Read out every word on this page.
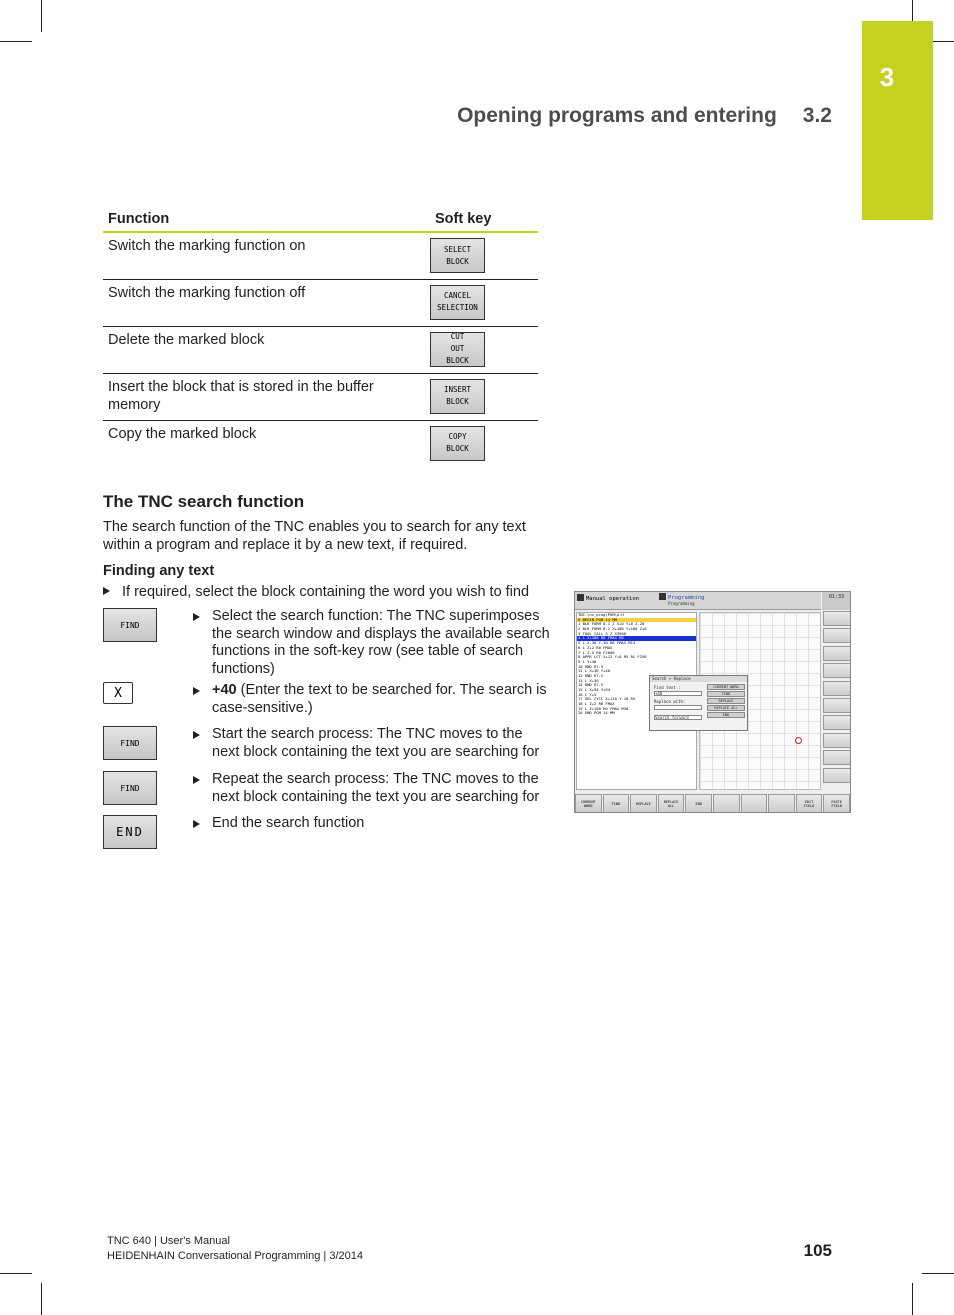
3
Opening programs and entering 3.2
Function	Soft key
Switch the marking function on	SELECT
BLOCK

Switch the marking function off	CANCEL
SELECTION

Delete the marked block	CUT
OUT
BLOCK

Insert the block that is stored in the buffer memory	INSERT
BLOCK

Copy the marked block	COPY
BLOCK
The TNC search function
The search function of the TNC enables you to search for any text within a program and replace it by a new text, if required.
Finding any text
If required, select the block containing the word you wish to find
FIND
Select the search function: The TNC superimposes the search window and displays the available search functions in the soft-key row (see table of search functions)
X	+40 (Enter the text to be searched for. The search is case-sensitive.)
FIND
Start the search process: The TNC moves to the next block containing the text you are searching for
FIND
Repeat the search process: The TNC moves to the next block containing the text you are searching for
END
End the search function
Manual operation	Programming
Programming
01:33
TNC:\nc_prog\PGM\A.H
0 BEGIN PGM 14 MM
1 BLK FORM 0.1 Z X+0 Y+0 Z-20
2 BLK FORM 0.2 X+100 Y+100 Z+0
3 TOOL CALL 5 Z S3500
4 L Z+100 R0 FMAX M3
5 L X-30 Y-30 R0 FMAX M13
6 L Z+2 R0 FMAX
7 L Z-5 R0 F2000
8 APPR LCT X+12 Y+0 R5 RL F250
9 L Y+40
10 RND R7.5
11 L X+30 Y+40
12 RND R7.5
13 L X+30
14 RND R7.5
15 L X+94 Y+94
16 L Y+5
17 SEL CYCL X+110 Y-10 R5
18 L Z+2 R0 FMAX
19 L Z+100 R0 FMAX M30
20 END PGM 14 MM
Search + Replace
Find text :
+40
Replace with:
Search forward
CURRENT WORD
FIND
REPLACE
REPLACE ALL
END
CURRENT
WORD	FIND	REPLACE	REPLACE
ALL	END	EDIT
FIELD
PASTE
FIELD
TNC 640 | User's Manual
HEIDENHAIN Conversational Programming | 3/2014	105
